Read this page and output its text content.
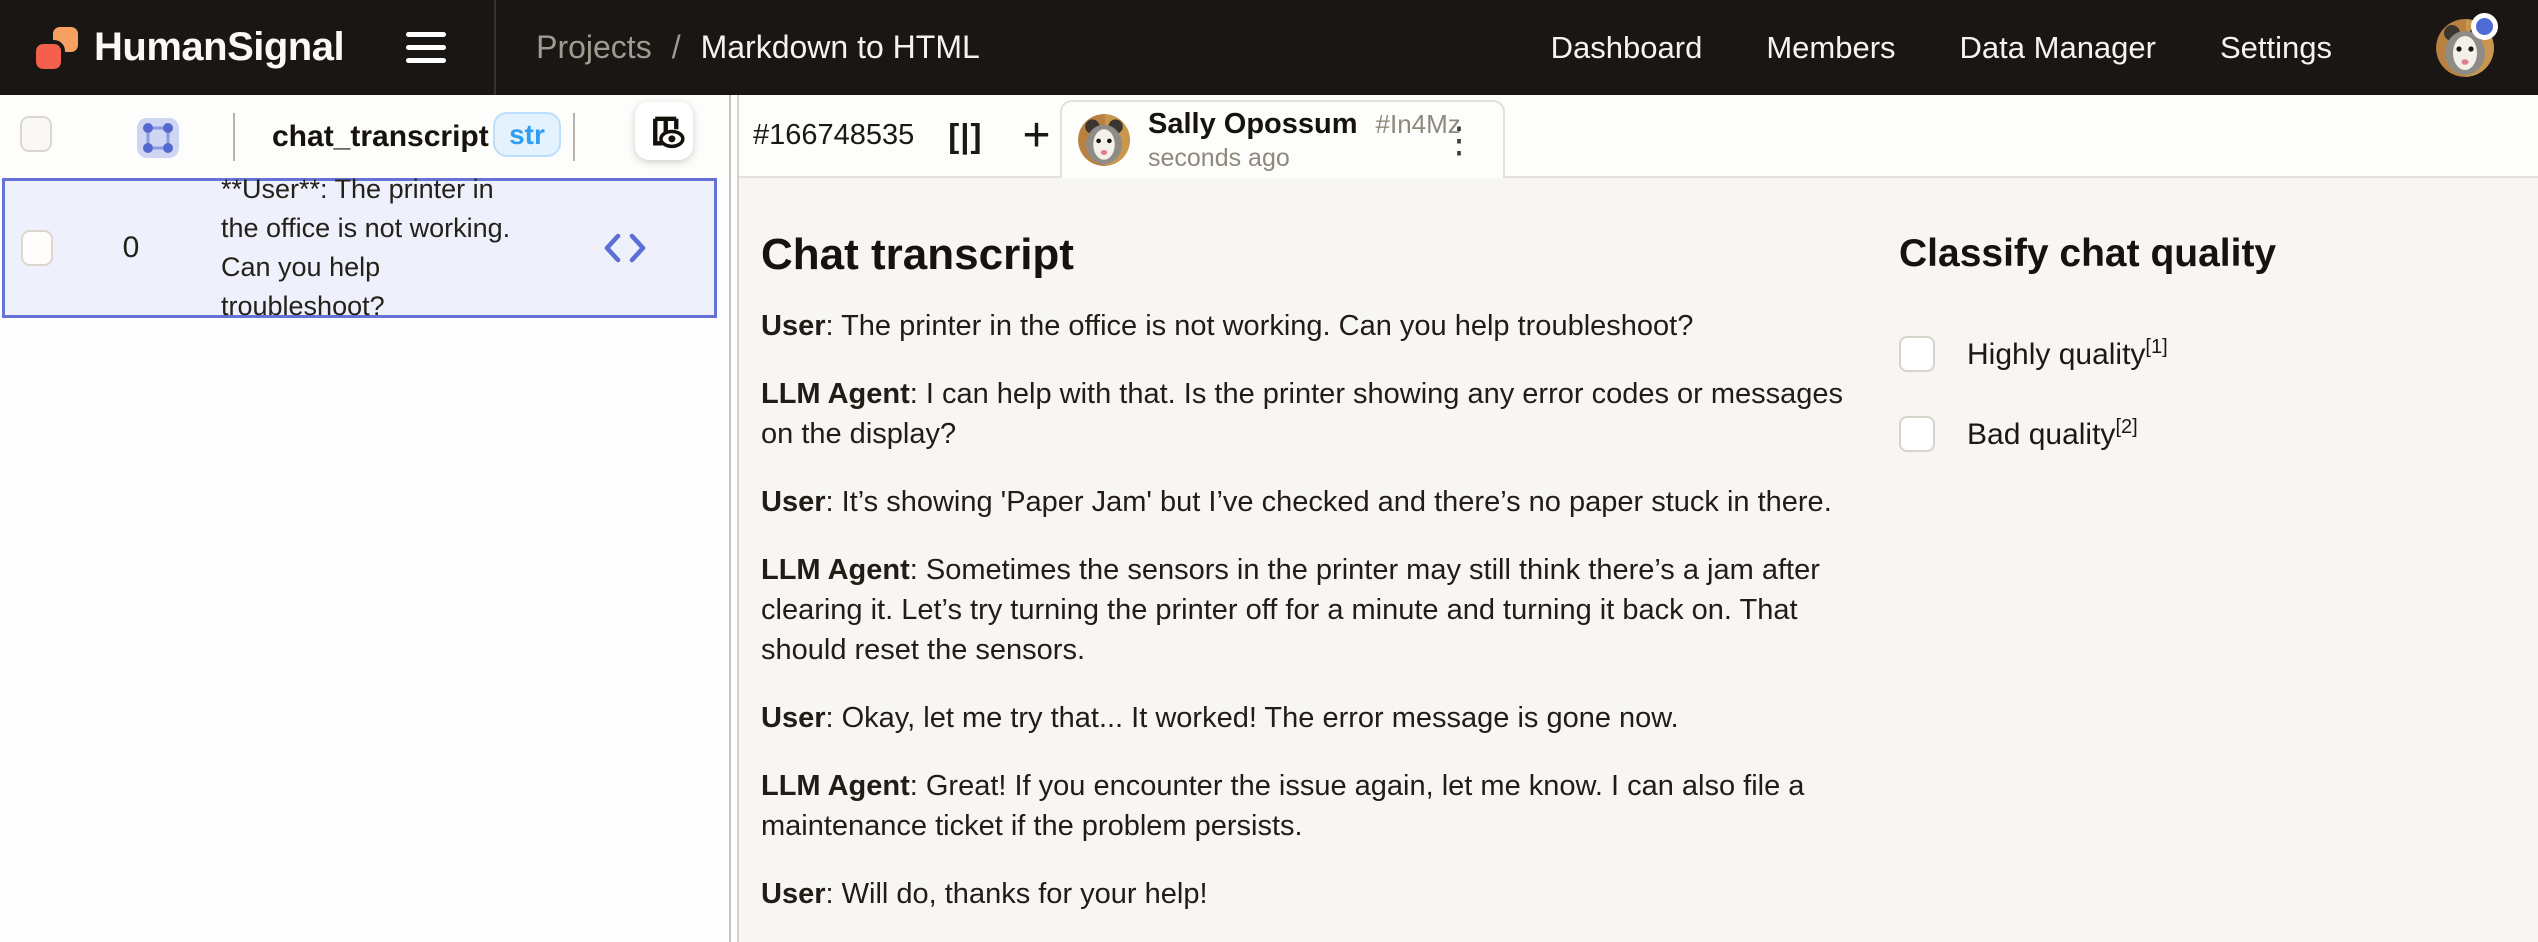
HumanSignal	Projects / Markdown to HTML	Dashboard Members Data Manager Settings
chat_transcript str
0
**User**: The printer in the office is not working. Can you help troubleshoot?
#166748535 [|] +	Sally Opossum #In4Mz
seconds ago	⋮
Chat transcript

User: The printer in the office is not working. Can you help troubleshoot?

LLM Agent: I can help with that. Is the printer showing any error codes or messages on the display?

User: It’s showing 'Paper Jam' but I’ve checked and there’s no paper stuck in there.

LLM Agent: Sometimes the sensors in the printer may still think there’s a jam after clearing it. Let’s try turning the printer off for a minute and turning it back on. That should reset the sensors.

User: Okay, let me try that... It worked! The error message is gone now.

LLM Agent: Great! If you encounter the issue again, let me know. I can also file a maintenance ticket if the problem persists.

User: Will do, thanks for your help!

Classify chat quality
Highly quality[1]
Bad quality[2]
